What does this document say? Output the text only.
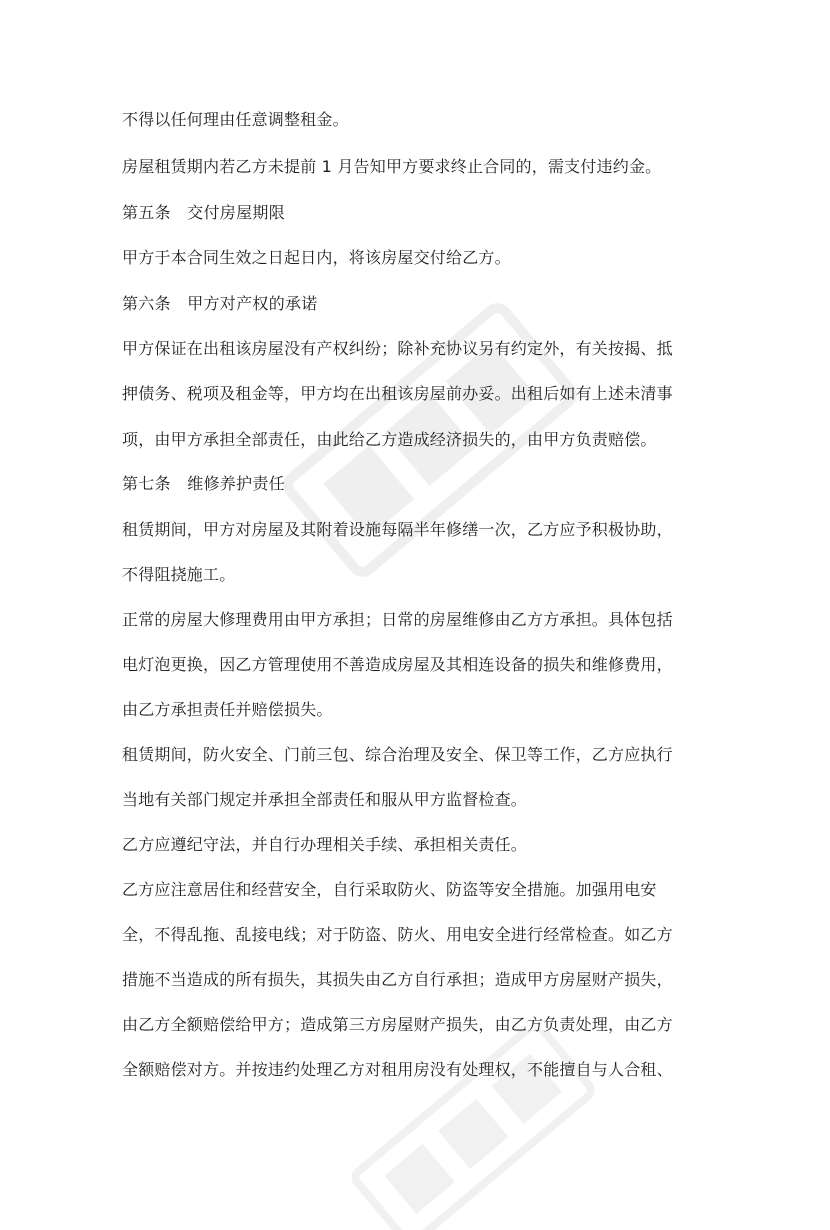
不得以任何理由任意调整租金。

房屋租赁期内若乙方未提前 1 月告知甲方要求终止合同的，需支付违约金。

第五条　交付房屋期限

甲方于本合同生效之日起日内，将该房屋交付给乙方。

第六条　甲方对产权的承诺

甲方保证在出租该房屋没有产权纠纷；除补充协议另有约定外，有关按揭、抵

押债务、税项及租金等，甲方均在出租该房屋前办妥。出租后如有上述未清事

项，由甲方承担全部责任，由此给乙方造成经济损失的，由甲方负责赔偿。

第七条　维修养护责任

租赁期间，甲方对房屋及其附着设施每隔半年修缮一次，乙方应予积极协助，

不得阻挠施工。

正常的房屋大修理费用由甲方承担；日常的房屋维修由乙方方承担。具体包括

电灯泡更换，因乙方管理使用不善造成房屋及其相连设备的损失和维修费用，

由乙方承担责任并赔偿损失。

租赁期间，防火安全、门前三包、综合治理及安全、保卫等工作，乙方应执行

当地有关部门规定并承担全部责任和服从甲方监督检查。

乙方应遵纪守法，并自行办理相关手续、承担相关责任。

乙方应注意居住和经营安全，自行采取防火、防盗等安全措施。加强用电安

全，不得乱拖、乱接电线；对于防盗、防火、用电安全进行经常检查。如乙方

措施不当造成的所有损失，其损失由乙方自行承担；造成甲方房屋财产损失，

由乙方全额赔偿给甲方；造成第三方房屋财产损失，由乙方负责处理，由乙方

全额赔偿对方。并按违约处理乙方对租用房没有处理权，不能擅自与人合租、
